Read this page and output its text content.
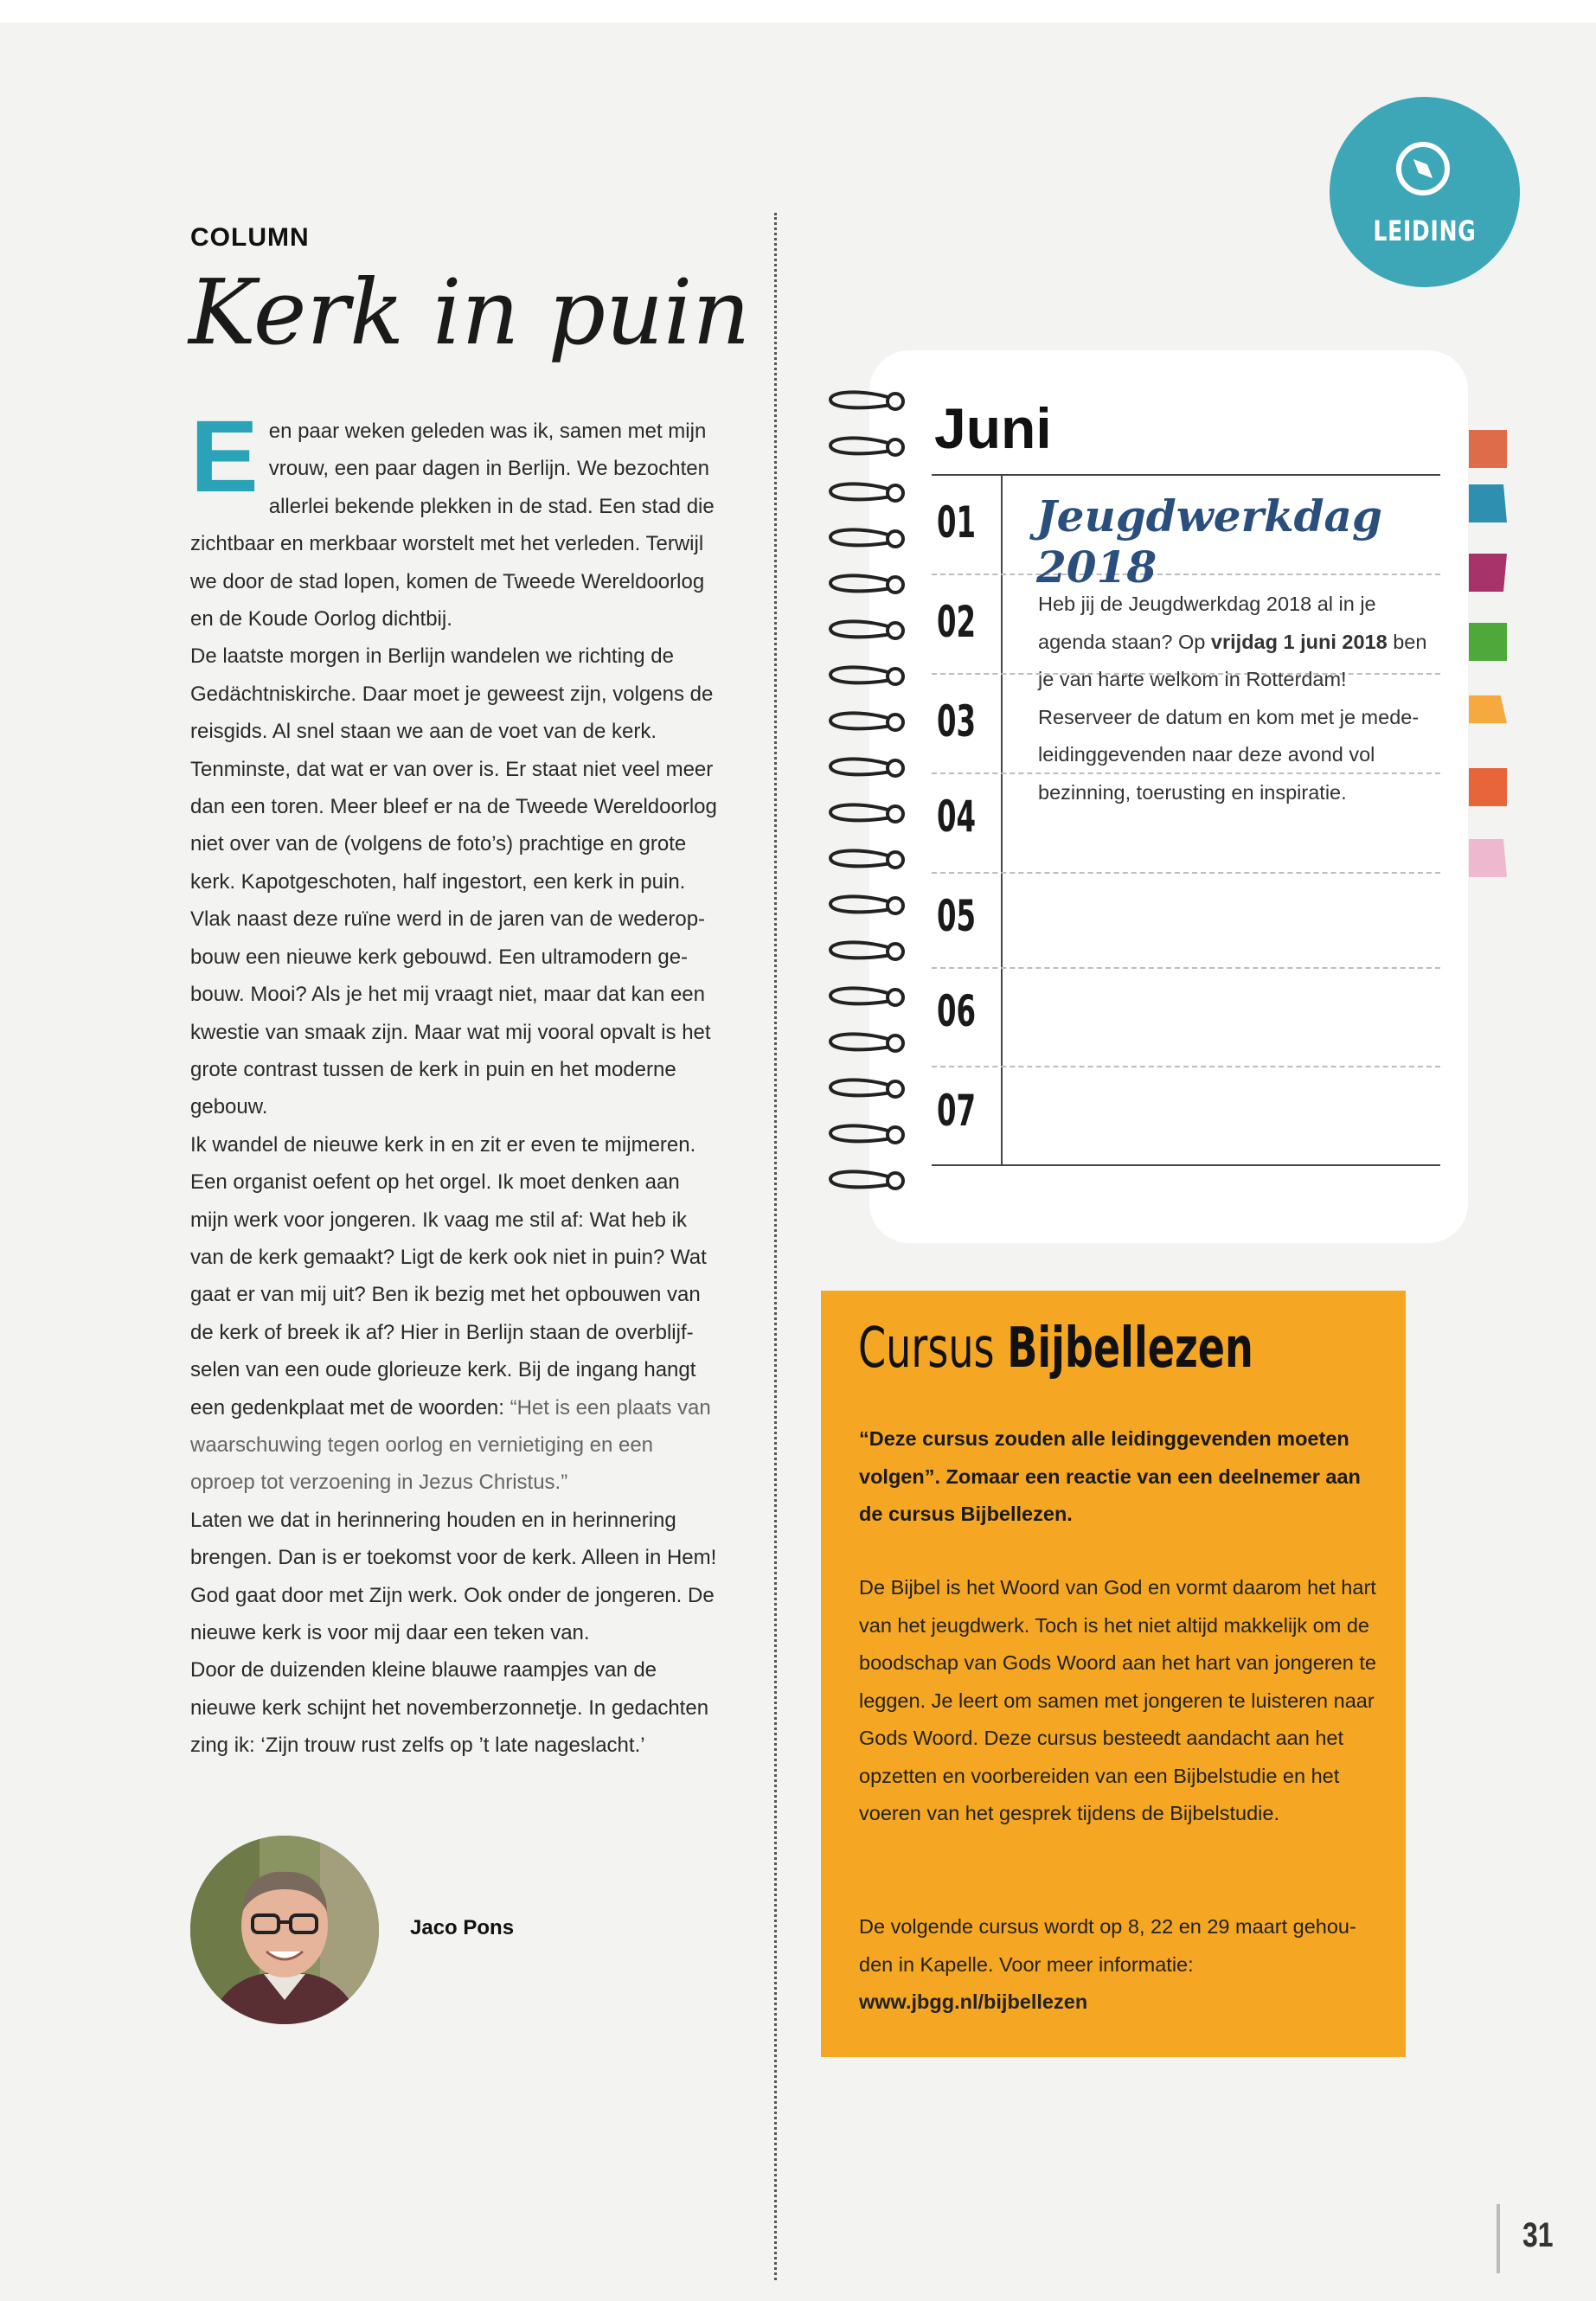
COLUMN
Kerk in puin

Een paar weken geleden was ik, samen met mijn vrouw, een paar dagen in Berlijn. We bezochten allerlei bekende plekken in de stad. Een stad die zichtbaar en merkbaar worstelt met het verleden. Terwijl we door de stad lopen, komen de Tweede Wereldoorlog en de Koude Oorlog dichtbij.

De laatste morgen in Berlijn wandelen we richting de Gedächtniskirche. Daar moet je geweest zijn, volgens de reisgids. Al snel staan we aan de voet van de kerk. Tenminste, dat wat er van over is. Er staat niet veel meer dan een toren. Meer bleef er na de Tweede Wereldoorlog niet over van de (volgens de foto’s) prachtige en grote kerk. Kapotgeschoten, half ingestort, een kerk in puin.

Vlak naast deze ruïne werd in de jaren van de wederopbouw een nieuwe kerk gebouwd. Een ultramodern gebouw. Mooi? Als je het mij vraagt niet, maar dat kan een kwestie van smaak zijn. Maar wat mij vooral opvalt is het grote contrast tussen de kerk in puin en het moderne gebouw.

Ik wandel de nieuwe kerk in en zit er even te mijmeren. Een organist oefent op het orgel. Ik moet denken aan mijn werk voor jongeren. Ik vaag me stil af: Wat heb ik van de kerk gemaakt? Ligt de kerk ook niet in puin? Wat gaat er van mij uit? Ben ik bezig met het opbouwen van de kerk of breek ik af? Hier in Berlijn staan de overblijfselen van een oude glorieuze kerk. Bij de ingang hangt een gedenkplaat met de woorden: “Het is een plaats van waarschuwing tegen oorlog en vernietiging en een oproep tot verzoening in Jezus Christus.”

Laten we dat in herinnering houden en in herinnering brengen. Dan is er toekomst voor de kerk. Alleen in Hem! God gaat door met Zijn werk. Ook onder de jongeren. De nieuwe kerk is voor mij daar een teken van.

Door de duizenden kleine blauwe raampjes van de nieuwe kerk schijnt het novemberzonnetje. In gedachten zing ik: ‘Zijn trouw rust zelfs op ’t late nageslacht.’

Jaco Pons
LEIDING
Juni
01
02
03
04
05
06
07
Jeugdwerkdag 2018
Heb jij de Jeugdwerkdag 2018 al in je agenda staan? Op vrijdag 1 juni 2018 ben je van harte welkom in Rotterdam! Reserveer de datum en kom met je mede-leidinggevenden naar deze avond vol bezinning, toerusting en inspiratie.
Cursus Bijbellezen
“Deze cursus zouden alle leidinggevenden moeten volgen”. Zomaar een reactie van een deelnemer aan de cursus Bijbellezen.
De Bijbel is het Woord van God en vormt daarom het hart van het jeugdwerk. Toch is het niet altijd makkelijk om de boodschap van Gods Woord aan het hart van jongeren te leggen. Je leert om samen met jongeren te luisteren naar Gods Woord. Deze cursus besteedt aandacht aan het opzetten en voorbereiden van een Bijbelstudie en het voeren van het gesprek tijdens de Bijbelstudie.
De volgende cursus wordt op 8, 22 en 29 maart gehouden in Kapelle. Voor meer informatie:
www.jbgg.nl/bijbellezen
31
